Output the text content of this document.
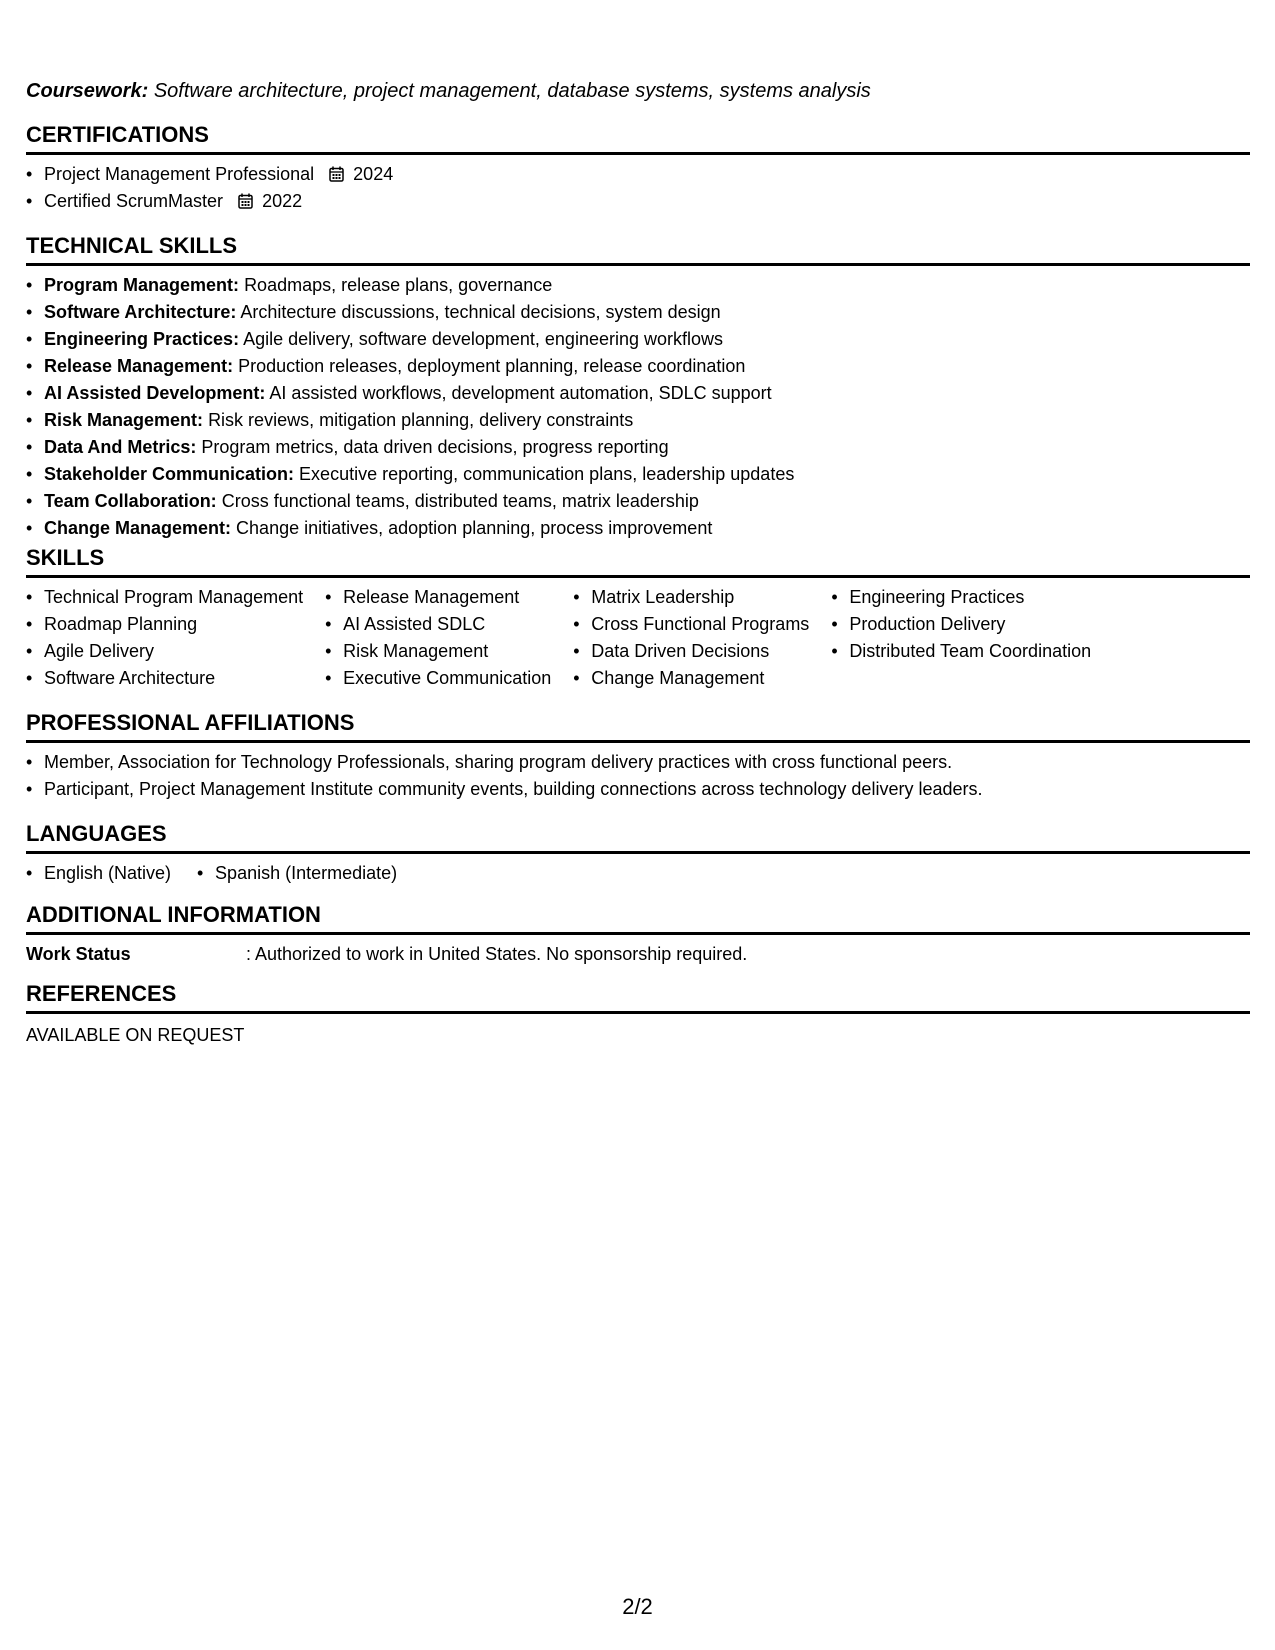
Coursework: Software architecture, project management, database systems, systems analysis
CERTIFICATIONS
• Project Management Professional 2024
• Certified ScrumMaster 2022
TECHNICAL SKILLS
• Program Management: Roadmaps, release plans, governance
• Software Architecture: Architecture discussions, technical decisions, system design
• Engineering Practices: Agile delivery, software development, engineering workflows
• Release Management: Production releases, deployment planning, release coordination
• AI Assisted Development: AI assisted workflows, development automation, SDLC support
• Risk Management: Risk reviews, mitigation planning, delivery constraints
• Data And Metrics: Program metrics, data driven decisions, progress reporting
• Stakeholder Communication: Executive reporting, communication plans, leadership updates
• Team Collaboration: Cross functional teams, distributed teams, matrix leadership
• Change Management: Change initiatives, adoption planning, process improvement
SKILLS
• Technical Program Management
• Roadmap Planning
• Agile Delivery
• Software Architecture
• Release Management
• AI Assisted SDLC
• Risk Management
• Executive Communication
• Matrix Leadership
• Cross Functional Programs
• Data Driven Decisions
• Change Management
• Engineering Practices
• Production Delivery
• Distributed Team Coordination
PROFESSIONAL AFFILIATIONS
• Member, Association for Technology Professionals, sharing program delivery practices with cross functional peers.
• Participant, Project Management Institute community events, building connections across technology delivery leaders.
LANGUAGES
• English (Native)
•	Spanish (Intermediate)
ADDITIONAL INFORMATION
Work Status	: Authorized to work in United States. No sponsorship required.
REFERENCES
AVAILABLE ON REQUEST
2/2
